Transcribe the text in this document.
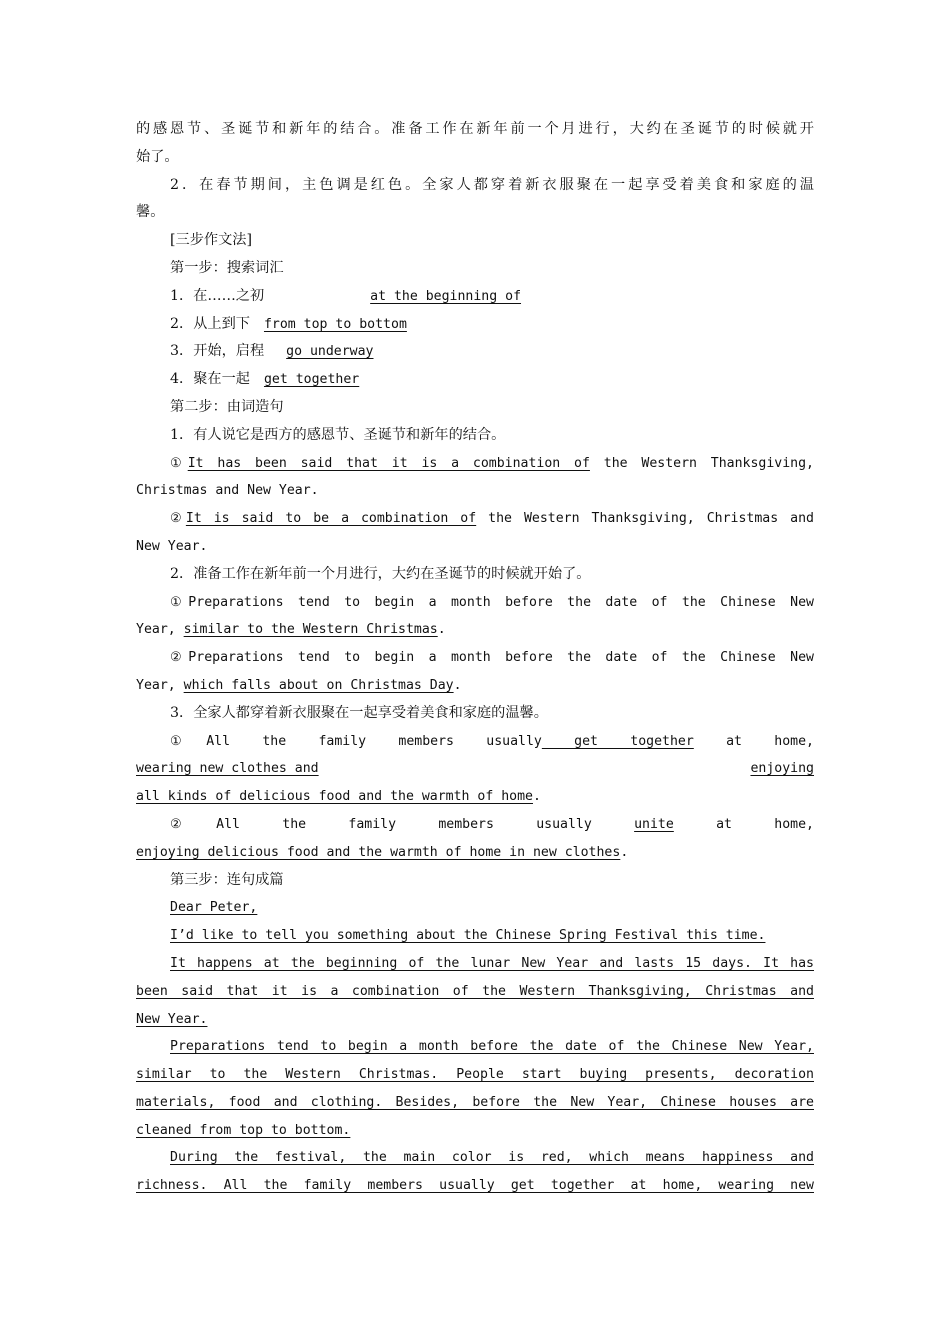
的感恩节、圣诞节和新年的结合。准备工作在新年前一个月进行，大约在圣诞节的时候就开
始了。
2．在春节期间，主色调是红色。全家人都穿着新衣服聚在一起享受着美食和家庭的温
馨。
[三步作文法]
第一步：搜索词汇
1．在……之初	at the beginning of
2．从上到下 from top to bottom
3．开始，启程 go underway
4．聚在一起 get together
第二步：由词造句
1．有人说它是西方的感恩节、圣诞节和新年的结合。
①It has been said that it is a combination of the Western Thanksgiving,
Christmas and New Year.
②It is said to be a combination of the Western Thanksgiving, Christmas and
New Year.
2．准备工作在新年前一个月进行，大约在圣诞节的时候就开始了。
①Preparations tend to begin a month before the date of the Chinese New
Year, similar to the Western Christmas.
②Preparations tend to begin a month before the date of the Chinese New
Year, which falls about on Christmas Day.
3．全家人都穿着新衣服聚在一起享受着美食和家庭的温馨。
①All the family members usually get together at home,
wearing new clothes and	enjoying
all kinds of delicious food and the warmth of home.
②All the family members usually unite at home,
enjoying delicious food and the warmth of home in new clothes.
第三步：连句成篇
Dear Peter,
I’d like to tell you something about the Chinese Spring Festival this time.
It happens at the beginning of the lunar New Year and lasts 15 days. It has
been said that it is a combination of the Western Thanksgiving, Christmas and
New Year.
Preparations tend to begin a month before the date of the Chinese New Year,
similar to the Western Christmas. People start buying presents, decoration
materials, food and clothing. Besides, before the New Year, Chinese houses are
cleaned from top to bottom.
During the festival, the main color is red, which means happiness and
richness. All the family members usually get together at home, wearing new
